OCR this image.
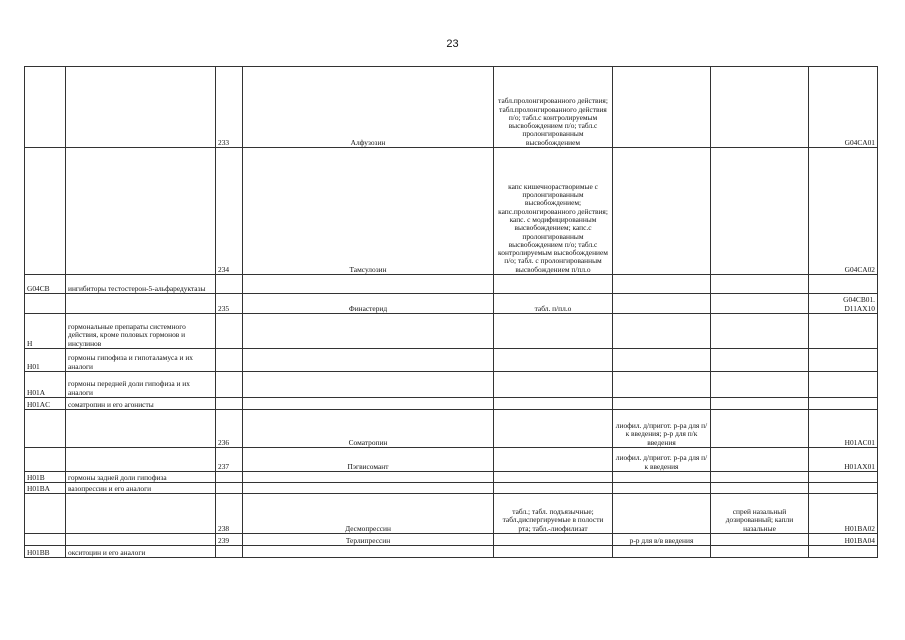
23
		233	Алфузозин	табл.пролонгированного действия; табл.пролонгированного действия п/о; табл.с контролируемым высвобождением п/о; табл.с пролонгированным высвобождением			G04CA01
		234	Тамсулозин	капс кишечнорастворимые с пролонгированным высвобождением; капс.пролонгированного действия; капс. с модифицированным высвобождением; капс.с пролонгированным высвобождением п/о; табл.с контролируемым высвобождением п/о; табл. с пролонгированным высвобождением п/пл.о			G04CA02
G04CB	ингибиторы тестостерон-5-альфаредуктазы						
		235	Финастерид	табл. п/пл.о			G04CB01. D11AX10
H	гормональные препараты системного действия, кроме половых гормонов и инсулинов						
H01	гормоны гипофиза и гипоталамуса и их аналоги						
H01A	гормоны передней доли гипофиза и их аналоги						
H01AC	соматропин и его агонисты						
		236	Соматропин		лиофил. д/пригот. р-ра для п/к введения; р-р для п/к введения		H01AC01
		237	Пэгвисомант		лиофил. д/пригот. р-ра для п/к введения		H01AX01
H01B	гормоны задней доли гипофиза						
H01BA	вазопрессин и его аналоги						
		238	Десмопрессин	табл.; табл. подъязычные; табл.диспергируемые в полости рта; табл.-лиофилизат		спрей назальный дозированный; капли назальные	H01BA02
		239	Терлипрессин		р-р для в/в введения		H01BA04
H01BB	окситоцин и его аналоги						
